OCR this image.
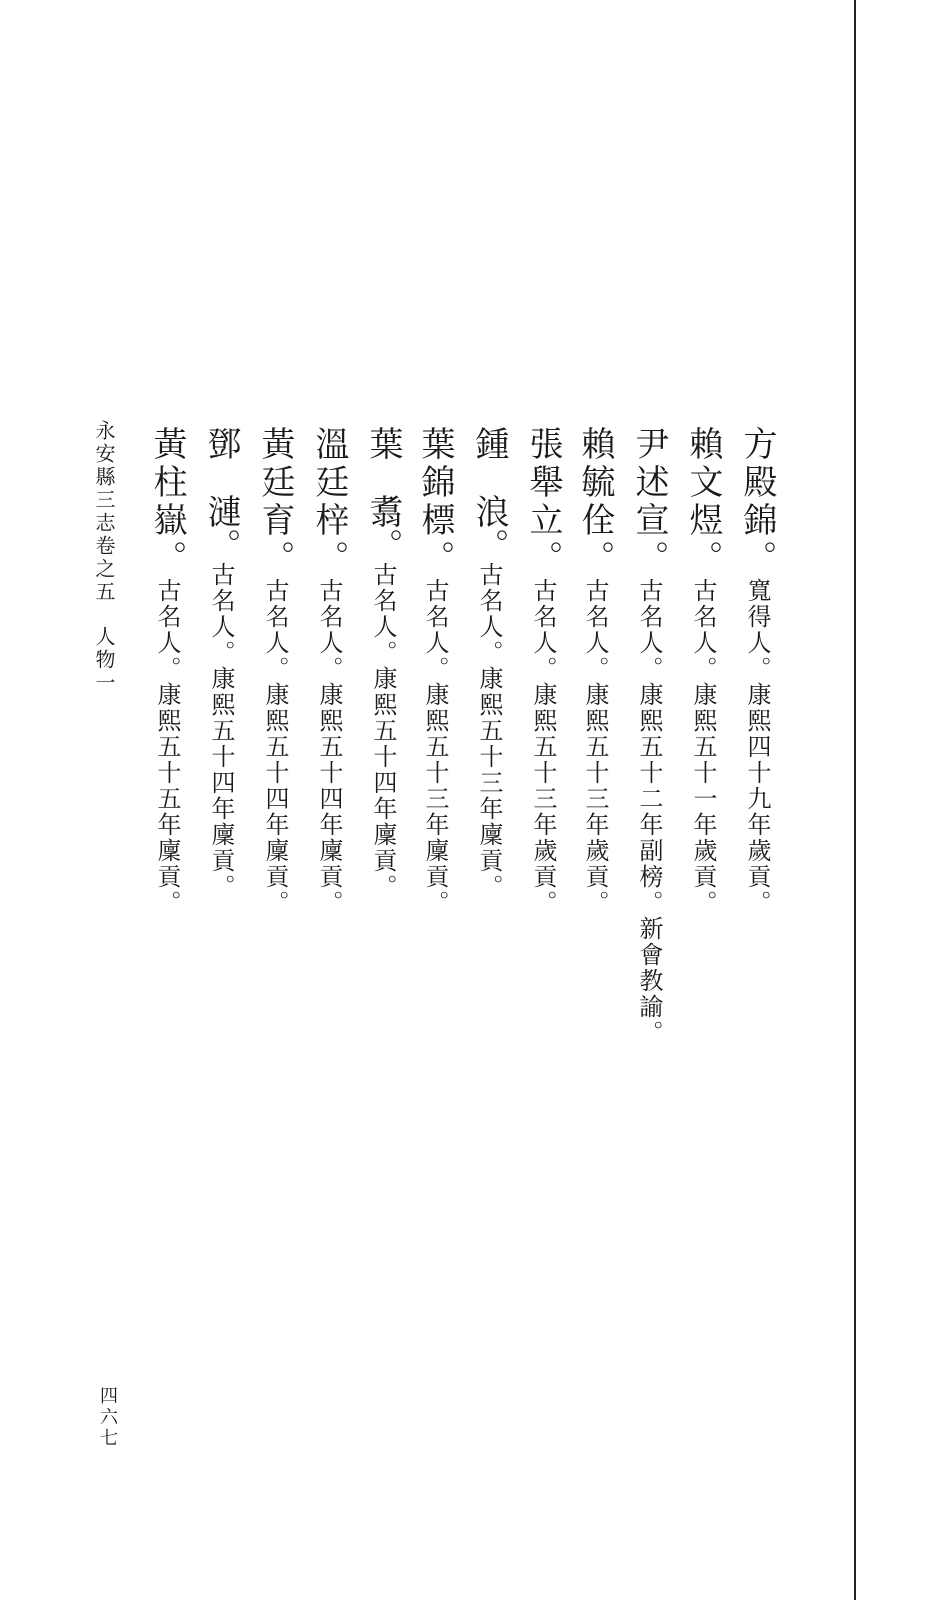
永安縣三志卷之五人物一
四六七
方殿錦。寬得人。康熙四十九年歲貢。
賴文煜。古名人。康熙五十一年歲貢。
尹述宣。古名人。康熙五十二年副榜。新會教諭。
賴毓佺。古名人。康熙五十三年歲貢。
張舉立。古名人。康熙五十三年歲貢。
鍾浪。古名人。康熙五十三年廩貢。
葉錦標。古名人。康熙五十三年廩貢。
葉翥。古名人。康熙五十四年廩貢。
溫廷梓。古名人。康熙五十四年廩貢。
黃廷育。古名人。康熙五十四年廩貢。
鄧漣。古名人。康熙五十四年廩貢。
黃柱嶽。古名人。康熙五十五年廩貢。
